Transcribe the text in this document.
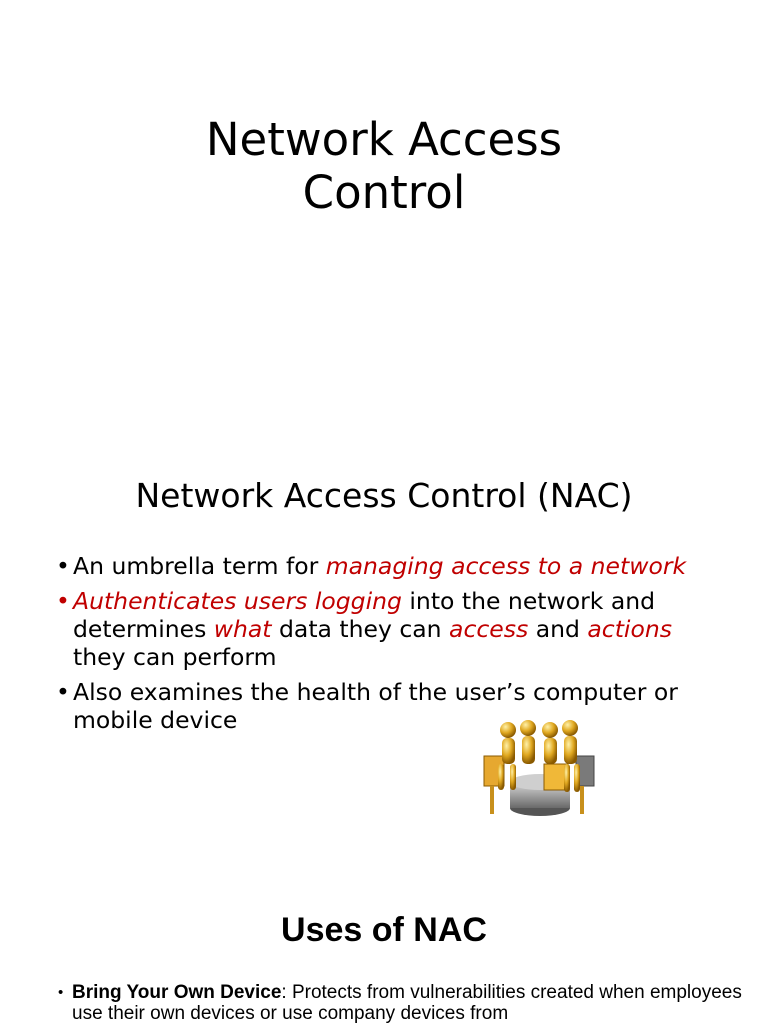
Network Access
Control
Network Access Control (NAC)
• An umbrella term for managing access to a network
• Authenticates users logging into the network and determines what data they can access and actions they can perform
• Also examines the health of the user’s computer or mobile device
Uses of NAC

• Bring Your Own Device: Protects from vulnerabilities created when employees use their own devices or use company devices from
